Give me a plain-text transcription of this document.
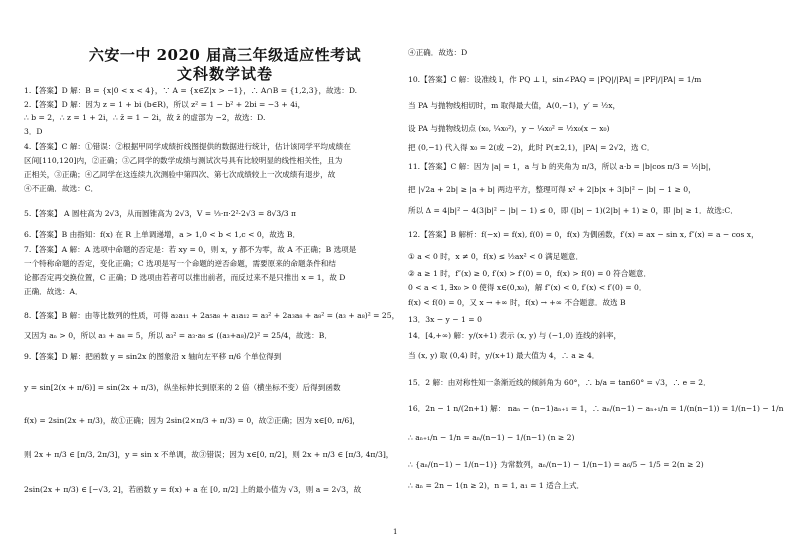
六安一中 2020 届高三年级适应性考试
文科数学试卷
1.【答案】D 解：B = {x|0 < x < 4}，∵ A = {x∈Z|x > −1}，∴ A∩B = {1,2,3}，故选：D.
2.【答案】D 解：因为 z = 1 + bi (b∈R)，所以 z² = 1 − b² + 2bi = −3 + 4i，
∴ b = 2，∴ z = 1 + 2i，∴ z̄ = 1 − 2i，故 z̄ 的虚部为 −2，故选：D.
3．D
4.【答案】C 解：①错误：②根据甲同学成绩折线图提供的数据进行统计，估计该同学平均成绩在
区间[110,120]内，②正确；③乙同学的数学成绩与测试次号具有比较明显的线性相关性，且为
正相关，③正确；④乙同学在这连续九次测验中第四次、第七次成绩较上一次成绩有退步，故
④不正确．故选：C．
5.【答案】 A 圆柱高为 2√3，从而圆锥高为 2√3，V = ⅓·π·2²·2√3 = 8√3/3 π
6.【答案】B 由指知：f(x) 在 R 上单调递增，a > 1,0 < b < 1,c < 0，故选 B．
7.【答案】A 解：A 选项中命题的否定是：若 xy = 0，则 x，y 都不为零，故 A 不正确；B 选项是
一个特称命题的否定，变化正确；C 选项是写一个命题的逆否命题，需要原来的命题条件和结
论都否定再交换位置，C 正确；D 选项由若者可以推出前者，而反过来不是只推出 x = 1，故 D
正确．故选：A．
8.【答案】B 解：由等比数列的性质，可得 a₂a₁₁ + 2a₅a₈ + a₁a₁₂ = a₃² + 2a₃a₈ + a₈² = (a₃ + a₈)² = 25，
又因为 aₙ > 0，所以 a₃ + a₈ = 5，所以 a₃² = a₃·a₈ ≤ ((a₃+a₈)/2)² = 25/4，故选：B．
9.【答案】D 解：把函数 y = sin2x 的图象沿 x 轴向左平移 π/6 个单位得到
y = sin[2(x + π/6)] = sin(2x + π/3)，纵坐标伸长到原来的 2 倍（横坐标不变）后得到函数
f(x) = 2sin(2x + π/3)，故①正确；因为 2sin(2×π/3 + π/3) = 0，故②正确；因为 x∈[0, π/6]，
则 2x + π/3 ∈ [π/3, 2π/3]，y = sin x 不单调，故③错误；因为 x∈[0, π/2]，则 2x + π/3 ∈ [π/3, 4π/3]，
2sin(2x + π/3) ∈ [−√3, 2]，若函数 y = f(x) + a 在 [0, π/2] 上的最小值为 √3，则 a = 2√3，故
④正确．故选：D
10.【答案】C 解：设准线 l，作 PQ ⊥ l，sin∠PAQ = |PQ|/|PA| = |PF|/|PA| = 1/m
当 PA 与抛物线相切时，m 取得最大值，A(0,−1)，y′ = ½x，
设 PA 与抛物线切点 (x₀, ¼x₀²)，y − ¼x₀² = ½x₀(x − x₀)
把 (0,−1) 代入得 x₀ = 2(或 −2)，此时 P(±2,1)，|PA| = 2√2，选 C．
11.【答案】C 解：因为 |a| = 1，a 与 b 的夹角为 π/3，所以 a·b = |b|cos π/3 = ½|b|，
把 |√2a + 2b| ≥ |a + b| 两边平方，整理可得 x² + 2|b|x + 3|b|² − |b| − 1 ≥ 0，
所以 Δ = 4|b|² − 4(3|b|² − |b| − 1) ≤ 0，即 (|b| − 1)(2|b| + 1) ≥ 0，即 |b| ≥ 1．故选:C．
12.【答案】B 解析：f(−x) = f(x), f(0) = 0，f(x) 为偶函数，f′(x) = ax − sin x, f″(x) = a − cos x，
① a < 0 时，x ≠ 0，f(x) ≤ ½ax² < 0 满足题意．
② a ≥ 1 时，f″(x) ≥ 0, f′(x) > f′(0) = 0，f(x) > f(0) = 0 符合题意．
0 < a < 1, ∃x₀ > 0 使得 x∈(0,x₀)，解 f″(x) < 0, f′(x) < f′(0) = 0．
f(x) < f(0) = 0，又 x → +∞ 时，f(x) → +∞ 不合题意．故选 B
13．3x − y − 1 = 0
14．[4,+∞) 解：y/(x+1) 表示 (x, y) 与 (−1,0) 连线的斜率，
当 (x, y) 取 (0,4) 时，y/(x+1) 最大值为 4，∴ a ≥ 4．
15．2 解：由对称性知一条渐近线的倾斜角为 60°，∴ b/a = tan60° = √3，∴ e = 2．
16．2n − 1 n/(2n+1) 解： naₙ − (n−1)aₙ₊₁ = 1，∴ aₙ/(n−1) − aₙ₊₁/n = 1/(n(n−1)) = 1/(n−1) − 1/n
∴ aₙ₊₁/n − 1/n = aₙ/(n−1) − 1/(n−1) (n ≥ 2)
∴ {aₙ/(n−1) − 1/(n−1)} 为常数列，aₙ/(n−1) − 1/(n−1) = a₆/5 − 1/5 = 2(n ≥ 2)
∴ aₙ = 2n − 1(n ≥ 2)，n = 1, a₁ = 1 适合上式．
1
